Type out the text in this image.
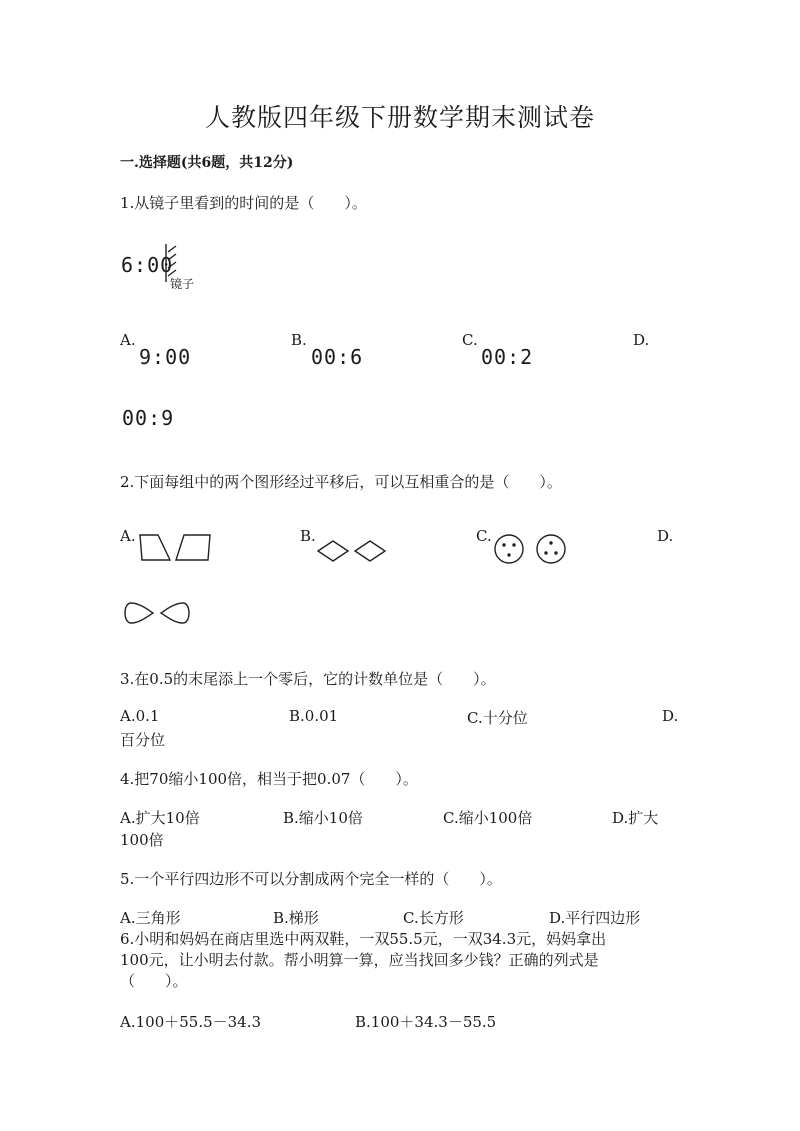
人教版四年级下册数学期末测试卷
一.选择题(共6题，共12分)
1.从镜子里看到的时间的是（　　）。
6:00
镜子
A.	B.	C.	D.
9:00	00:6	00:2
00:9
2.下面每组中的两个图形经过平移后，可以互相重合的是（　　）。
A.	B.	C.	D.
3.在0.5的末尾添上一个零后，它的计数单位是（　　）。
A.0.1	B.0.01	C.十分位	D.
百分位
4.把70缩小100倍，相当于把0.07（　　）。
A.扩大10倍	B.缩小10倍	C.缩小100倍	D.扩大
100倍
5.一个平行四边形不可以分割成两个完全一样的（　　）。
A.三角形	B.梯形	C.长方形	D.平行四边形
6.小明和妈妈在商店里选中两双鞋，一双55.5元，一双34.3元，妈妈拿出
100元，让小明去付款。帮小明算一算，应当找回多少钱？正确的列式是
（　　）。
A.100＋55.5－34.3	B.100＋34.3－55.5
